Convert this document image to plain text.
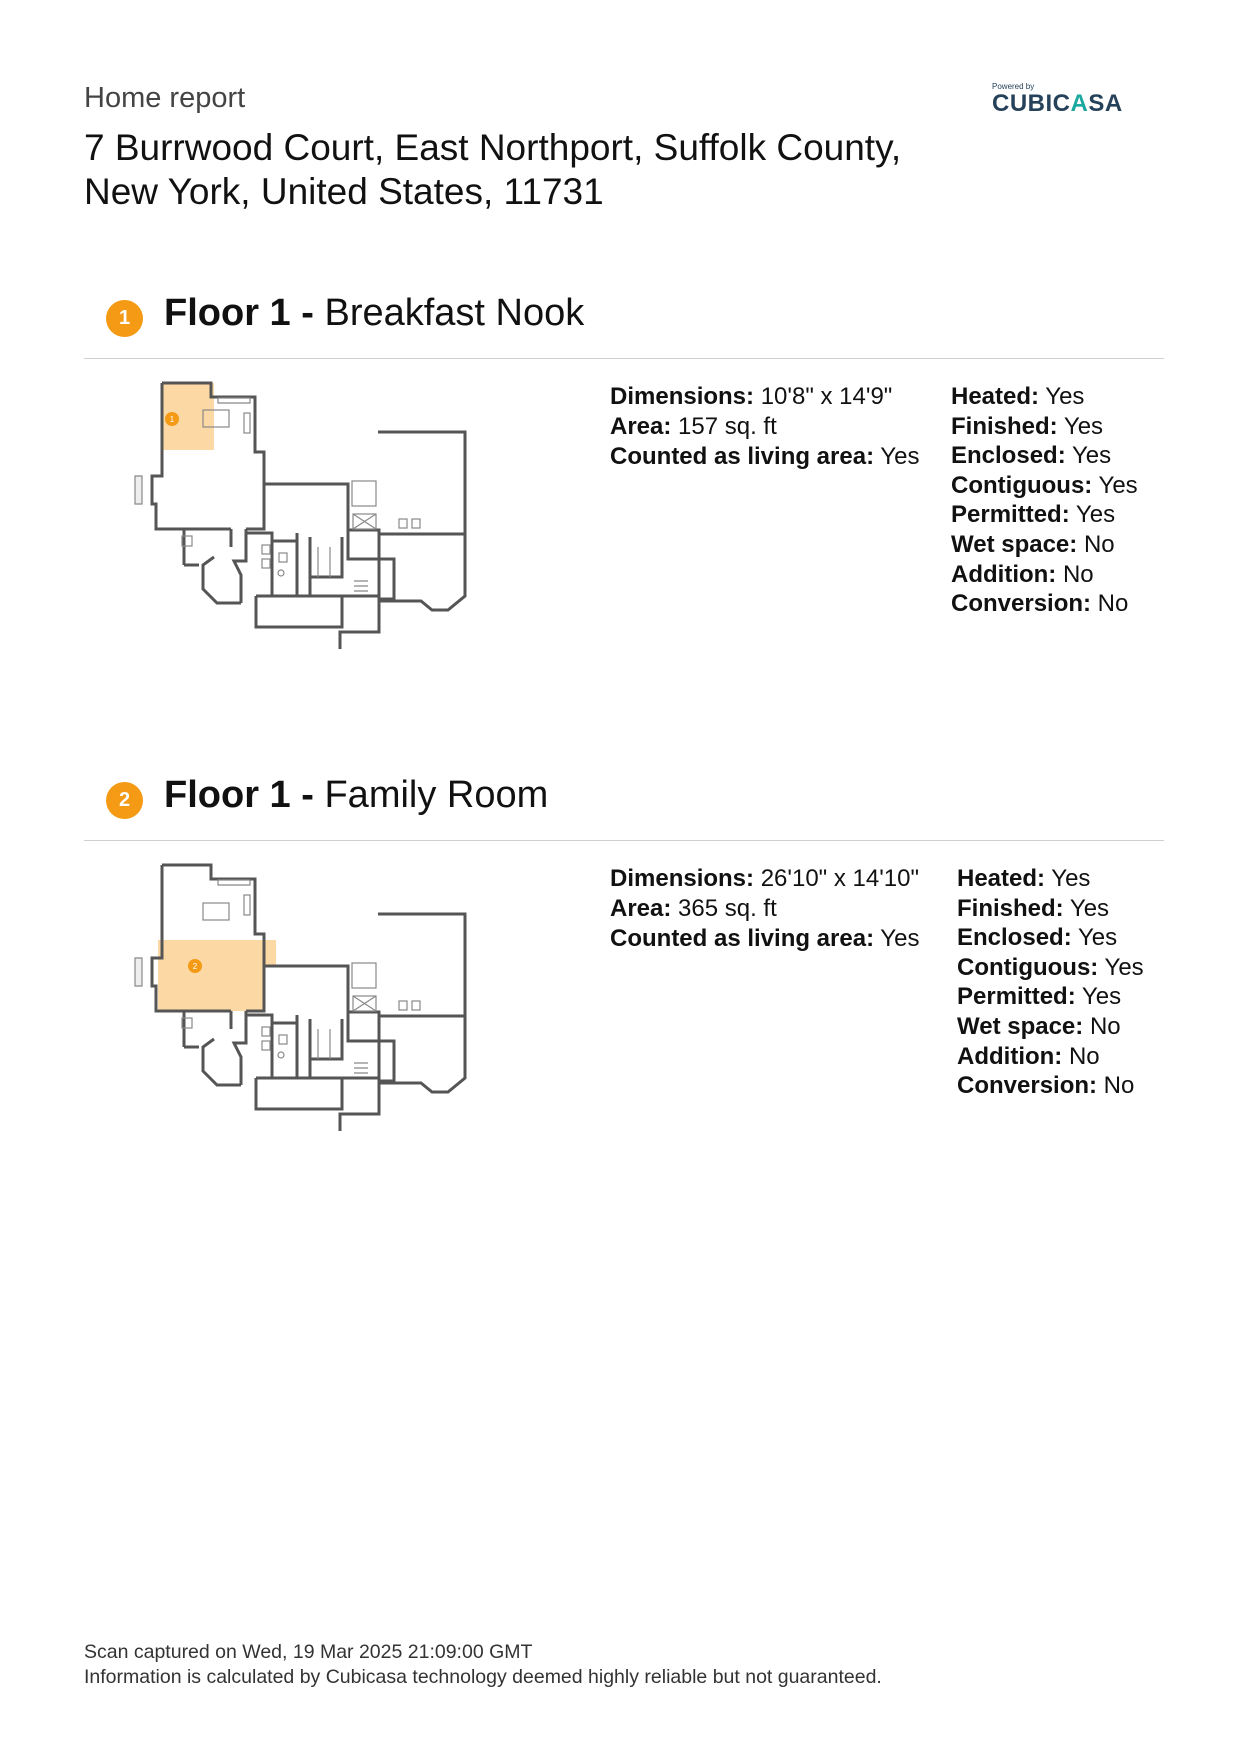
Home report
7 Burrwood Court, East Northport, Suffolk County,
New York, United States, 11731
Powered by
CUBICASA
1 Floor 1 - Breakfast Nook
1
Dimensions: 10'8" x 14'9"
Area: 157 sq. ft
Counted as living area: Yes
Heated: Yes
Finished: Yes
Enclosed: Yes
Contiguous: Yes
Permitted: Yes
Wet space: No
Addition: No
Conversion: No
2 Floor 1 - Family Room
2
Dimensions: 26'10" x 14'10"
Area: 365 sq. ft
Counted as living area: Yes
Heated: Yes
Finished: Yes
Enclosed: Yes
Contiguous: Yes
Permitted: Yes
Wet space: No
Addition: No
Conversion: No
Scan captured on Wed, 19 Mar 2025 21:09:00 GMT
Information is calculated by Cubicasa technology deemed highly reliable but not guaranteed.
